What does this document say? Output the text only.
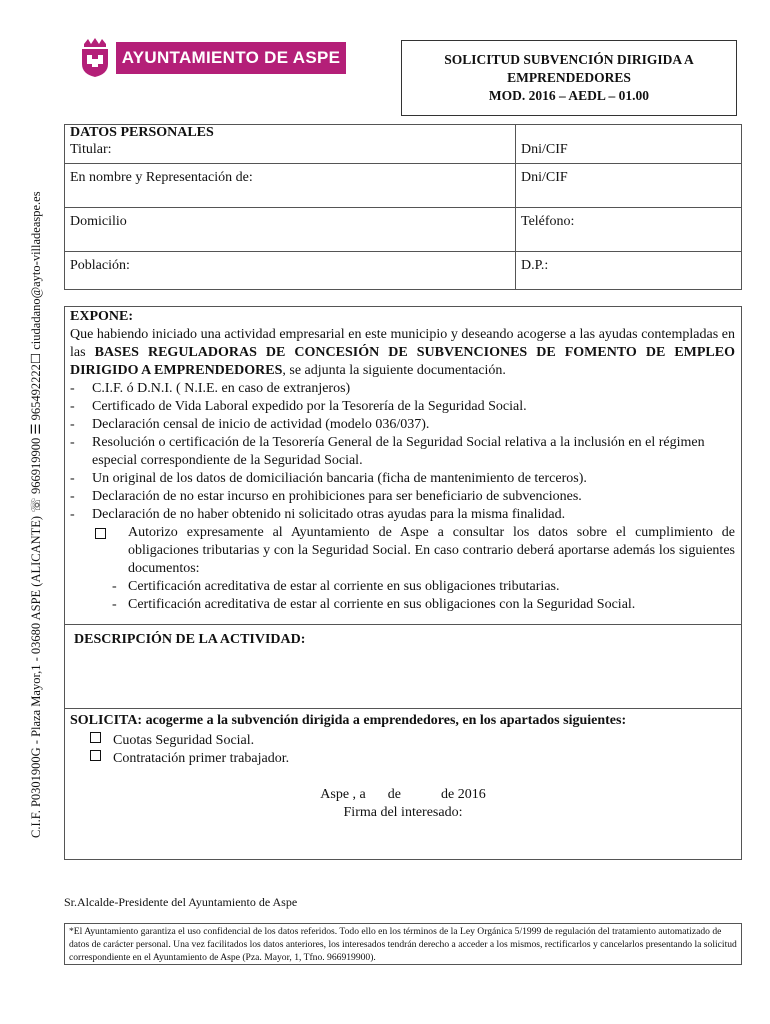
AYUNTAMIENTO DE ASPE	SOLICITUD SUBVENCIÓN DIRIGIDA A
EMPRENDEDORES
MOD. 2016 – AEDL – 01.00
C.I.F. P0301900G - Plaza Mayor,1 - 03680 ASPE (ALICANTE) ☏ 966919900 ☰ 965492222☐ ciudadano@ayto-villadeaspe.es
DATOS PERSONALES
Titular:	Dni/CIF

En nombre y Representación de:	Dni/CIF
Domicilio	Teléfono:
Población:	D.P.:
EXPONE:
Que habiendo iniciado una actividad empresarial en este municipio y deseando acogerse a las ayudas contempladas en las BASES REGULADORAS DE CONCESIÓN DE SUBVENCIONES DE FOMENTO DE EMPLEO DIRIGIDO A EMPRENDEDORES, se adjunta la siguiente documentación.
- C.I.F. ó D.N.I. ( N.I.E. en caso de extranjeros)
- Certificado de Vida Laboral expedido por la Tesorería de la Seguridad Social.
- Declaración censal de inicio de actividad (modelo 036/037).
- Resolución o certificación de la Tesorería General de la Seguridad Social relativa a la inclusión en el régimen especial correspondiente de la Seguridad Social.
- Un original de los datos de domiciliación bancaria (ficha de mantenimiento de terceros).
- Declaración de no estar incurso en prohibiciones para ser beneficiario de subvenciones.
- Declaración de no haber obtenido ni solicitado otras ayudas para la misma finalidad.
Autorizo expresamente al Ayuntamiento de Aspe a consultar los datos sobre el cumplimiento de obligaciones tributarias y con la Seguridad Social. En caso contrario deberá aportarse además los siguientes documentos:
- Certificación acreditativa de estar al corriente en sus obligaciones tributarias.
- Certificación acreditativa de estar al corriente en sus obligaciones con la Seguridad Social.
DESCRIPCIÓN DE LA ACTIVIDAD:
SOLICITA: acogerme a la subvención dirigida a emprendedores, en los apartados siguientes:
Cuotas Seguridad Social.
Contratación primer trabajador.
Aspe , a de	de 2016
Firma del interesado:
Sr.Alcalde-Presidente del Ayuntamiento de Aspe
*El Ayuntamiento garantiza el uso confidencial de los datos referidos. Todo ello en los términos de la Ley Orgánica 5/1999 de regulación del tratamiento automatizado de datos de carácter personal. Una vez facilitados los datos anteriores, los interesados tendrán derecho a acceder a los mismos, rectificarlos y cancelarlos presentando la solicitud correspondiente en el Ayuntamiento de Aspe (Pza. Mayor, 1, Tfno. 966919900).
